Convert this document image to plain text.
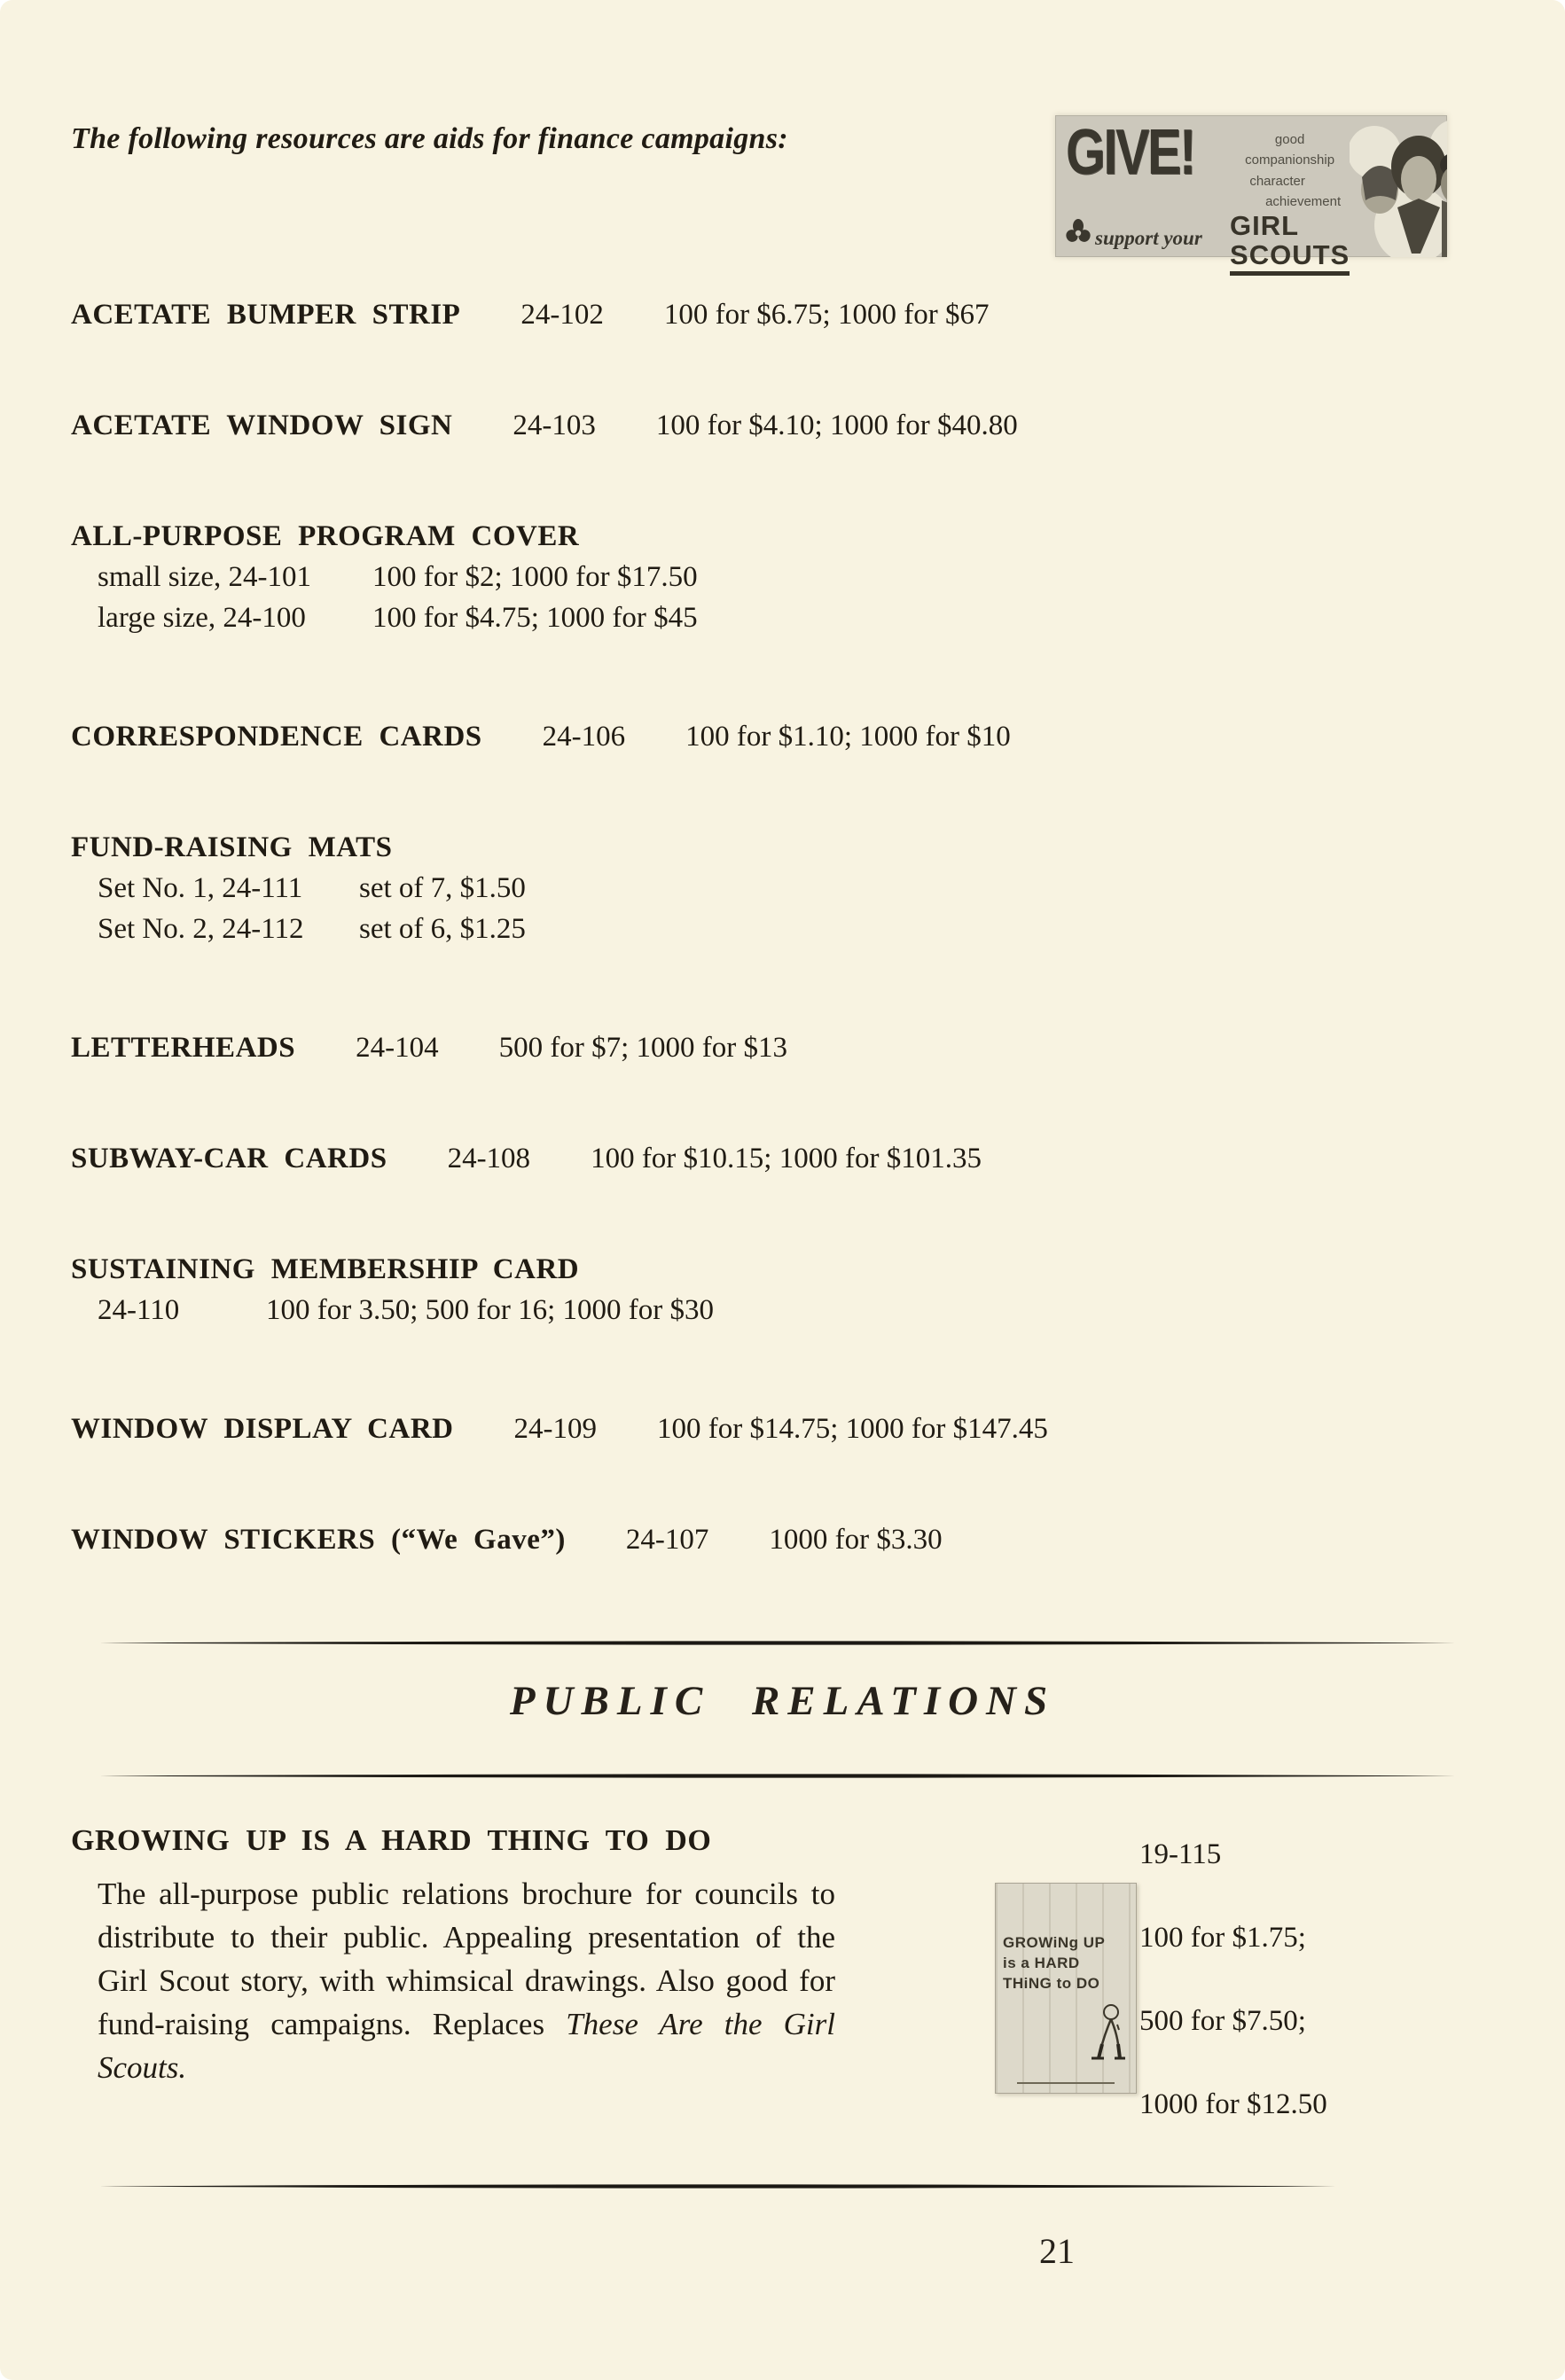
The following resources are aids for finance campaigns:	GIVE!
support your
good companionship
character
achievement
GIRL SCOUTS
ACETATE BUMPER STRIP 24-102 100 for $6.75; 1000 for $67
ACETATE WINDOW SIGN 24-103 100 for $4.10; 1000 for $40.80
ALL-PURPOSE PROGRAM COVER
small size, 24-101 100 for $2; 1000 for $17.50
large size, 24-100	100 for $4.75; 1000 for $45
CORRESPONDENCE CARDS 24-106 100 for $1.10; 1000 for $10
FUND-RAISING MATS
Set No. 1, 24-111 set of 7, $1.50
Set No. 2, 24-112 set of 6, $1.25
LETTERHEADS 24-104 500 for $7; 1000 for $13
SUBWAY-CAR CARDS 24-108 100 for $10.15; 1000 for $101.35
SUSTAINING MEMBERSHIP CARD
24-110	100 for 3.50; 500 for 16; 1000 for $30
WINDOW DISPLAY CARD 24-109 100 for $14.75; 1000 for $147.45
WINDOW STICKERS (“We Gave”) 24-107 1000 for $3.30
PUBLIC RELATIONS
GROWING UP IS A HARD THING TO DO	19-115
The all-purpose public relations brochure for councils to distribute to their public. Appealing presentation of the Girl Scout story, with whimsical drawings. Also good for fund-raising campaigns. Replaces These Are the Girl Scouts.
GROWiNg UP
is a HARD
THiNG to DO
100 for $1.75;
500 for $7.50;
1000 for $12.50
21
